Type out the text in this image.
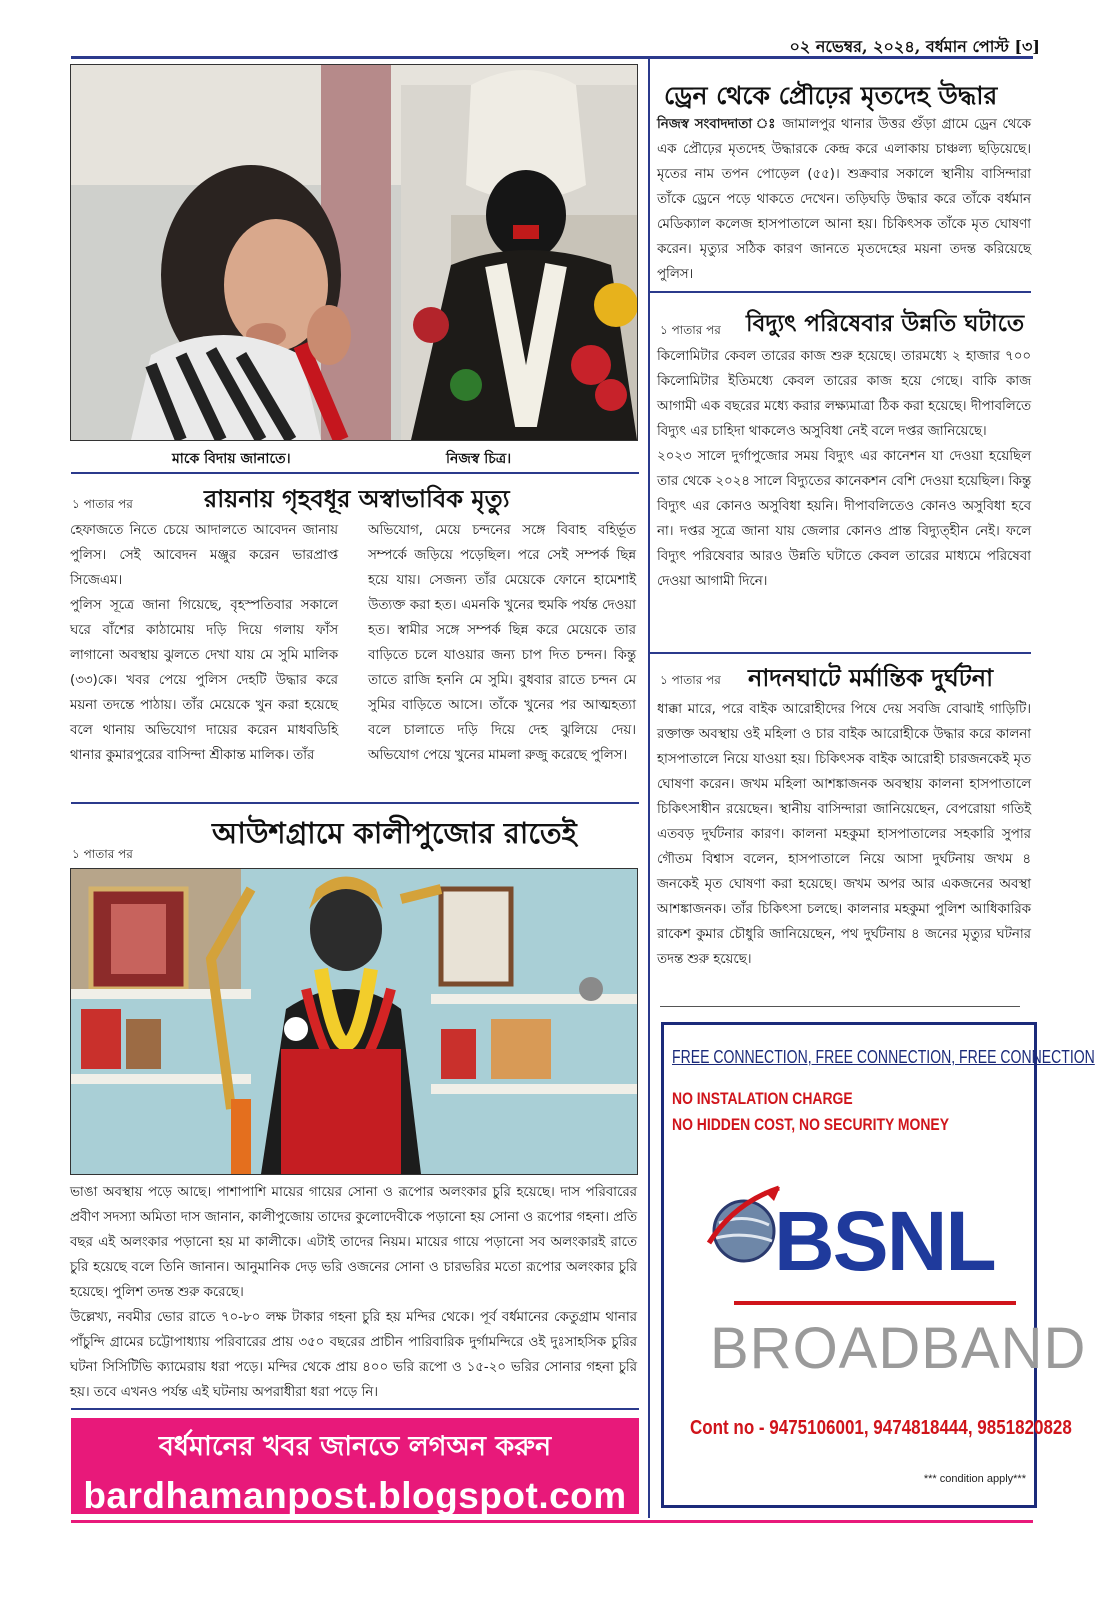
০২ নভেম্বর, ২০২৪, বর্ধমান পোস্ট [৩]
মাকে বিদায় জানাতে।	নিজস্ব চিত্র।
১ পাতার পর	রায়নায় গৃহবধূর অস্বাভাবিক মৃত্যু

হেফাজতে নিতে চেয়ে আদালতে আবেদন জানায় পুলিস। সেই আবেদন মঞ্জুর করেন ভারপ্রাপ্ত সিজেএম।

পুলিস সূত্রে জানা গিয়েছে, বৃহস্পতিবার সকালে ঘরে বাঁশের কাঠামোয় দড়ি দিয়ে গলায় ফাঁস লাগানো অবস্থায় ঝুলতে দেখা যায় মে সুমি মালিক (৩৩)কে। খবর পেয়ে পুলিস দেহটি উদ্ধার করে ময়না তদন্তে পাঠায়। তাঁর মেয়েকে খুন করা হয়েছে বলে থানায় অভিযোগ দায়ের করেন মাধবডিহি থানার কুমারপুরের বাসিন্দা শ্রীকান্ত মালিক। তাঁর

অভিযোগ, মেয়ে চন্দনের সঙ্গে বিবাহ বহির্ভূত সম্পর্কে জড়িয়ে পড়েছিল। পরে সেই সম্পর্ক ছিন্ন হয়ে যায়। সেজন্য তাঁর মেয়েকে ফোনে হামেশাই উত্যক্ত করা হত। এমনকি খুনের হুমকি পর্যন্ত দেওয়া হত। স্বামীর সঙ্গে সম্পর্ক ছিন্ন করে মেয়েকে তার বাড়িতে চলে যাওয়ার জন্য চাপ দিত চন্দন। কিন্তু তাতে রাজি হননি মে সুমি। বুধবার রাতে চন্দন মে সুমির বাড়িতে আসে। তাঁকে খুনের পর আত্মহত্যা বলে চালাতে দড়ি দিয়ে দেহ ঝুলিয়ে দেয়। অভিযোগ পেয়ে খুনের মামলা রুজু করেছে পুলিস।

আউশগ্রামে কালীপুজোর রাতেই
১ পাতার পর

ভাঙা অবস্থায় পড়ে আছে। পাশাপাশি মায়ের গায়ের সোনা ও রূপোর অলংকার চুরি হয়েছে। দাস পরিবারের প্রবীণ সদস্যা অমিতা দাস জানান, কালীপুজোয় তাদের কুলোদেবীকে পড়ানো হয় সোনা ও রূপোর গহনা। প্রতি বছর এই অলংকার পড়ানো হয় মা কালীকে। এটাই তাদের নিয়ম। মায়ের গায়ে পড়ানো সব অলংকারই রাতে চুরি হয়েছে বলে তিনি জানান। আনুমানিক দেড় ভরি ওজনের সোনা ও চারভরির মতো রূপোর অলংকার চুরি হয়েছে। পুলিশ তদন্ত শুরু করেছে।

উল্লেখ্য, নবমীর ভোর রাতে ৭০-৮০ লক্ষ টাকার গহনা চুরি হয় মন্দির থেকে। পূর্ব বর্ধমানের কেতুগ্রাম থানার পাঁচুন্দি গ্রামের চট্টোপাধ্যায় পরিবারের প্রায় ৩৫০ বছরের প্রাচীন পারিবারিক দুর্গামন্দিরে ওই দুঃসাহসিক চুরির ঘটনা সিসিটিভি ক্যামেরায় ধরা পড়ে। মন্দির থেকে প্রায় ৪০০ ভরি রূপো ও ১৫-২০ ভরির সোনার গহনা চুরি হয়। তবে এখনও পর্যন্ত এই ঘটনায় অপরাধীরা ধরা পড়ে নি।

বর্ধমানের খবর জানতে লগঅন করুন
bardhamanpost.blogspot.com
ড্রেন থেকে প্রৌঢ়ের মৃতদেহ উদ্ধার

নিজস্ব সংবাদদাতা ঃ জামালপুর থানার উত্তর গুঁড়া গ্রামে ড্রেন থেকে এক প্রৌঢ়ের মৃতদেহ উদ্ধারকে কেন্দ্র করে এলাকায় চাঞ্চল্য ছড়িয়েছে। মৃতের নাম তপন পোড়েল (৫৫)। শুক্রবার সকালে স্থানীয় বাসিন্দারা তাঁকে ড্রেনে পড়ে থাকতে দেখেন। তড়িঘড়ি উদ্ধার করে তাঁকে বর্ধমান মেডিক্যাল কলেজ হাসপাতালে আনা হয়। চিকিৎসক তাঁকে মৃত ঘোষণা করেন। মৃত্যুর সঠিক কারণ জানতে মৃতদেহের ময়না তদন্ত করিয়েছে পুলিস।

১ পাতার পর বিদ্যুৎ পরিষেবার উন্নতি ঘটাতে

কিলোমিটার কেবল তারের কাজ শুরু হয়েছে। তারমধ্যে ২ হাজার ৭০০ কিলোমিটার ইতিমধ্যে কেবল তারের কাজ হয়ে গেছে। বাকি কাজ আগামী এক বছরের মধ্যে করার লক্ষ্যমাত্রা ঠিক করা হয়েছে। দীপাবলিতে বিদ্যুৎ এর চাহিদা থাকলেও অসুবিধা নেই বলে দপ্তর জানিয়েছে।

২০২৩ সালে দুর্গাপুজোর সময় বিদ্যুৎ এর কানেশন যা দেওয়া হয়েছিল তার থেকে ২০২৪ সালে বিদ্যুতের কানেকশন বেশি দেওয়া হয়েছিল। কিন্তু বিদ্যুৎ এর কোনও অসুবিধা হয়নি। দীপাবলিতেও কোনও অসুবিধা হবে না। দপ্তর সূত্রে জানা যায় জেলার কোনও প্রান্ত বিদ্যুত্হীন নেই। ফলে বিদ্যুৎ পরিষেবার আরও উন্নতি ঘটাতে কেবল তারের মাধ্যমে পরিষেবা দেওয়া আগামী দিনে।

১ পাতার পর নাদনঘাটে মর্মান্তিক দুর্ঘটনা

ধাক্কা মারে, পরে বাইক আরোহীদের পিষে দেয় সবজি বোঝাই গাড়িটি। রক্তাক্ত অবস্থায় ওই মহিলা ও চার বাইক আরোহীকে উদ্ধার করে কালনা হাসপাতালে নিয়ে যাওয়া হয়। চিকিৎসক বাইক আরোহী চারজনকেই মৃত ঘোষণা করেন। জখম মহিলা আশঙ্কাজনক অবস্থায় কালনা হাসপাতালে চিকিৎসাধীন রয়েছেন। স্থানীয় বাসিন্দারা জানিয়েছেন, বেপরোয়া গতিই এতবড় দুর্ঘটনার কারণ। কালনা মহকুমা হাসপাতালের সহকারি সুপার গৌতম বিশ্বাস বলেন, হাসপাতালে নিয়ে আসা দুর্ঘটনায় জখম ৪ জনকেই মৃত ঘোষণা করা হয়েছে। জখম অপর আর একজনের অবস্থা আশঙ্কাজনক। তাঁর চিকিৎসা চলছে। কালনার মহকুমা পুলিশ আধিকারিক রাকেশ কুমার চৌধুরি জানিয়েছেন, পথ দুর্ঘটনায় ৪ জনের মৃত্যুর ঘটনার তদন্ত শুরু হয়েছে।

FREE CONNECTION, FREE CONNECTION, FREE CONNECTION
NO INSTALATION CHARGE
NO HIDDEN COST, NO SECURITY MONEY
BSNL
BROADBAND
Cont no - 9475106001, 9474818444, 9851820828
*** condition apply***
